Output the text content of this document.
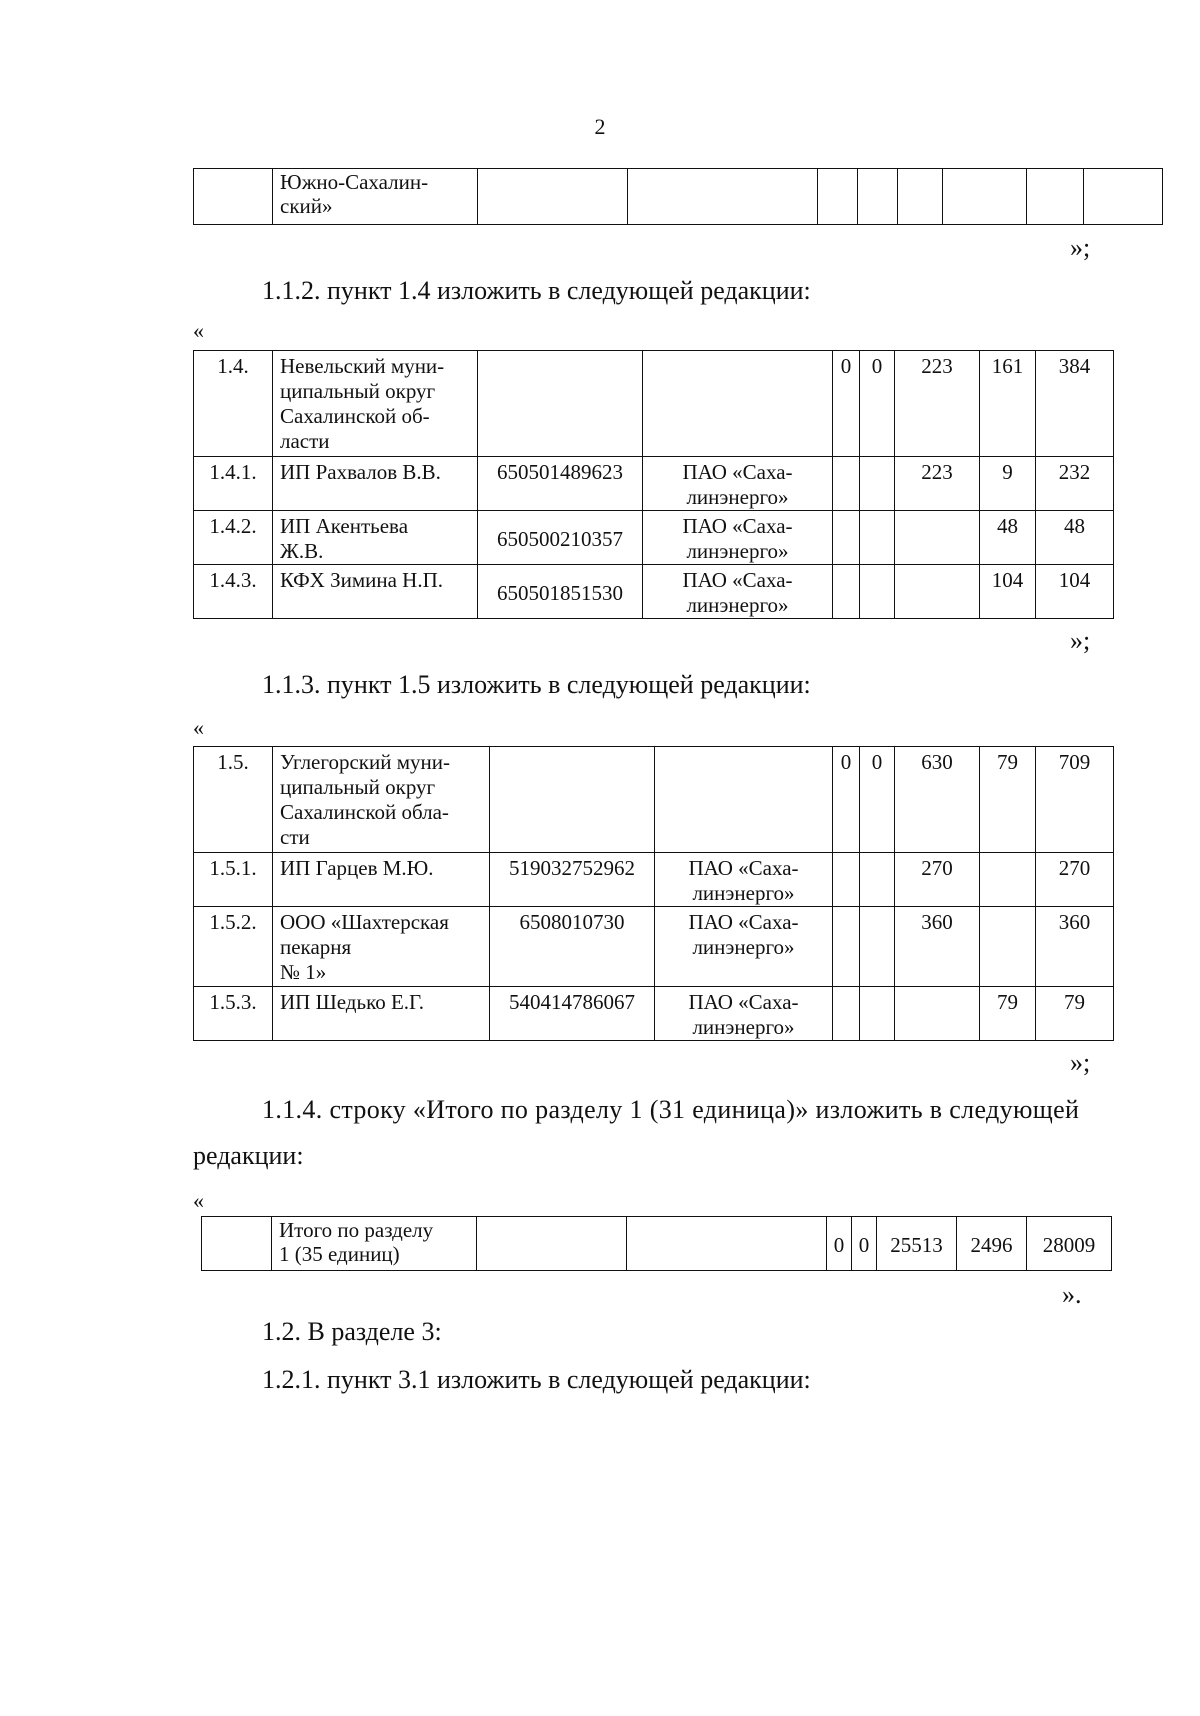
2
	Южно-Сахалин-
ский»								
»;
1.1.2. пункт 1.4 изложить в следующей редакции:
«
1.4.	Невельский муни-
ципальный округ
Сахалинской об-
ласти			0	0	223	161	384
1.4.1.	ИП Рахвалов В.В.	650501489623	ПАО «Саха-
линэнерго»			223	9	232
1.4.2.	ИП Акентьева
Ж.В.	650500210357	ПАО «Саха-
линэнерго»				48	48
1.4.3.	КФХ Зимина Н.П.	650501851530	ПАО «Саха-
линэнерго»				104	104
»;
1.1.3. пункт 1.5 изложить в следующей редакции:
«
1.5.	Углегорский муни-
ципальный округ
Сахалинской обла-
сти			0	0	630	79	709
1.5.1.	ИП Гарцев М.Ю.	519032752962	ПАО «Саха-
линэнерго»			270		270
1.5.2.	ООО «Шахтерская
пекарня
№ 1»	6508010730	ПАО «Саха-
линэнерго»			360		360
1.5.3.	ИП Шедько Е.Г.	540414786067	ПАО «Саха-
линэнерго»				79	79
»;
1.1.4. строку «Итого по разделу 1 (31 единица)» изложить в следующей
редакции:
«
	Итого по разделу
1 (35 единиц)			0	0	25513	2496	28009
».
1.2. В разделе 3:
1.2.1. пункт 3.1 изложить в следующей редакции:
